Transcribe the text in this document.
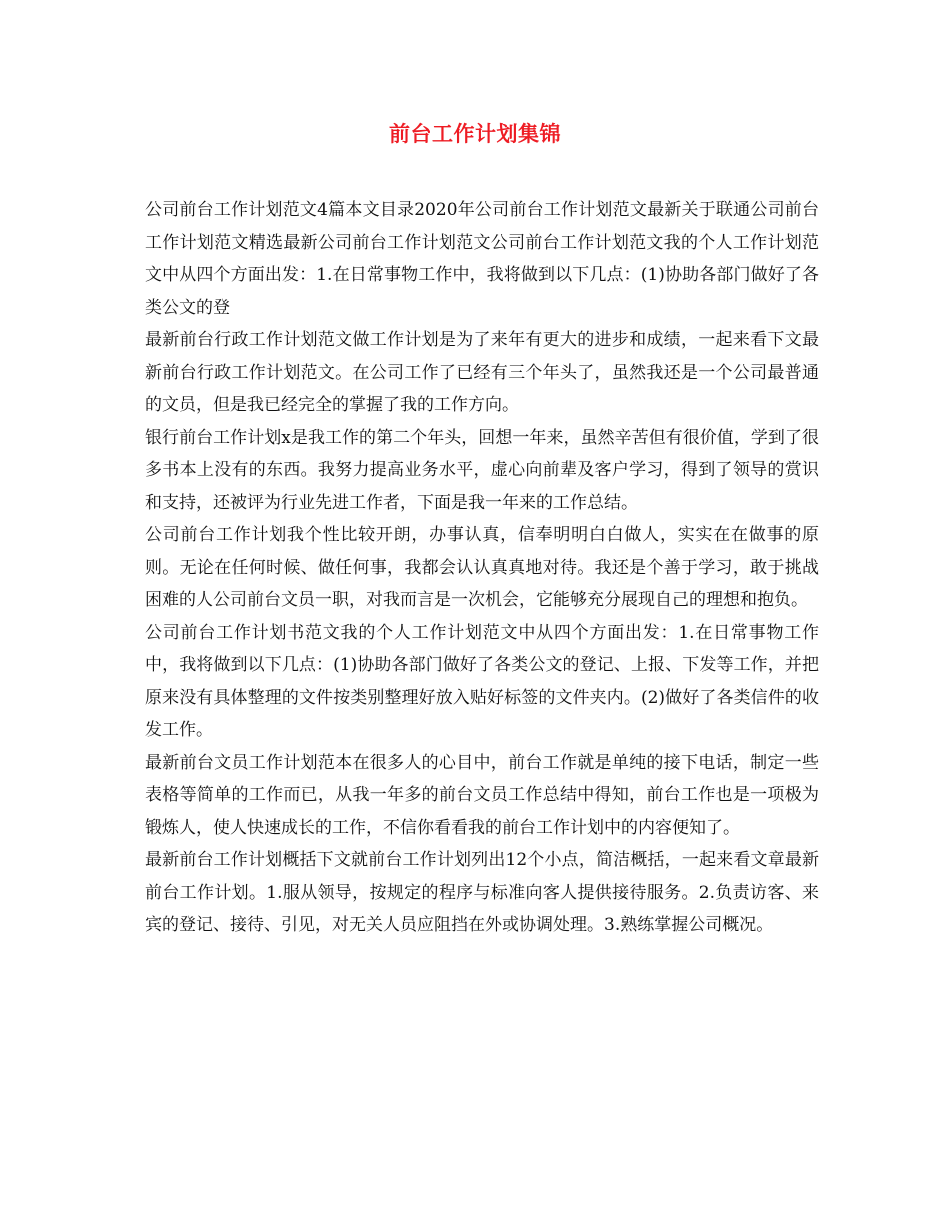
前台工作计划集锦

公司前台工作计划范文4篇本文目录2020年公司前台工作计划范文最新关于联通公司前台工作计划范文精选最新公司前台工作计划范文公司前台工作计划范文我的个人工作计划范文中从四个方面出发：1.在日常事物工作中，我将做到以下几点：(1)协助各部门做好了各类公文的登

最新前台行政工作计划范文做工作计划是为了来年有更大的进步和成绩，一起来看下文最新前台行政工作计划范文。在公司工作了已经有三个年头了，虽然我还是一个公司最普通的文员，但是我已经完全的掌握了我的工作方向。

银行前台工作计划x是我工作的第二个年头，回想一年来，虽然辛苦但有很价值，学到了很多书本上没有的东西。我努力提高业务水平，虚心向前辈及客户学习，得到了领导的赏识和支持，还被评为行业先进工作者，下面是我一年来的工作总结。

公司前台工作计划我个性比较开朗，办事认真，信奉明明白白做人，实实在在做事的原则。无论在任何时候、做任何事，我都会认认真真地对待。我还是个善于学习，敢于挑战困难的人公司前台文员一职，对我而言是一次机会，它能够充分展现自己的理想和抱负。

公司前台工作计划书范文我的个人工作计划范文中从四个方面出发：1.在日常事物工作中，我将做到以下几点：(1)协助各部门做好了各类公文的登记、上报、下发等工作，并把原来没有具体整理的文件按类别整理好放入贴好标签的文件夹内。(2)做好了各类信件的收发工作。

最新前台文员工作计划范本在很多人的心目中，前台工作就是单纯的接下电话，制定一些表格等简单的工作而已，从我一年多的前台文员工作总结中得知，前台工作也是一项极为锻炼人，使人快速成长的工作，不信你看看我的前台工作计划中的内容便知了。

最新前台工作计划概括下文就前台工作计划列出12个小点，简洁概括，一起来看文章最新前台工作计划。1.服从领导，按规定的程序与标准向客人提供接待服务。2.负责访客、来宾的登记、接待、引见，对无关人员应阻挡在外或协调处理。3.熟练掌握公司概况。
